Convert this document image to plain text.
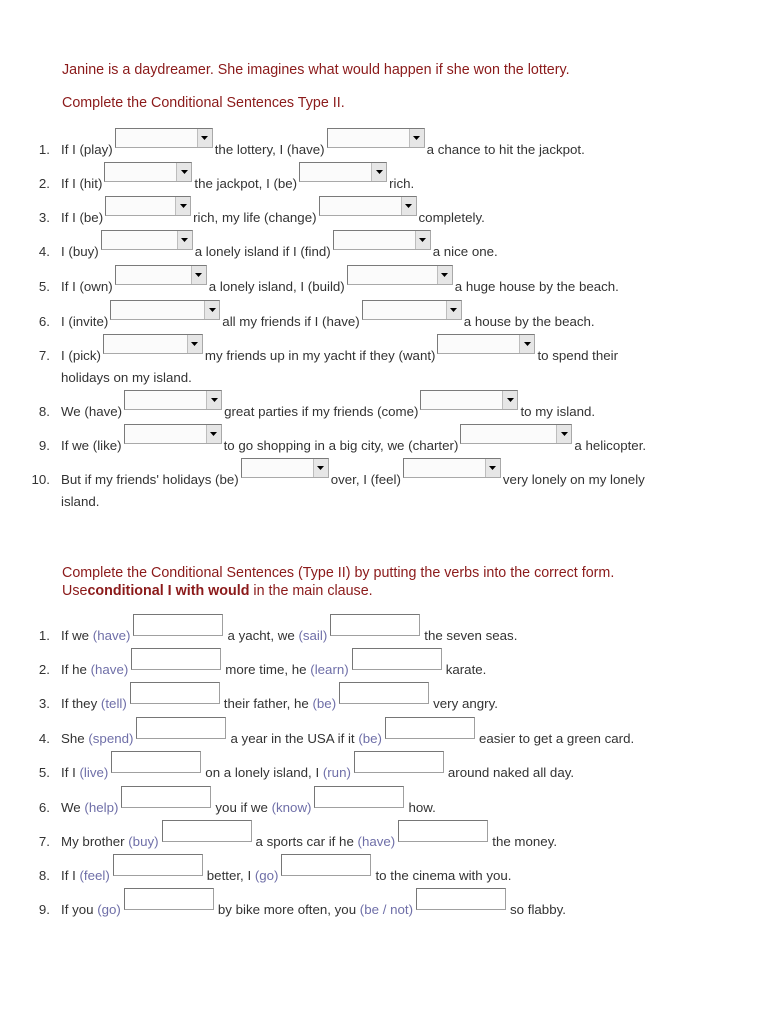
Janine is a daydreamer. She imagines what would happen if she won the lottery.
Complete the Conditional Sentences Type II.
1. If I (play)	the lottery, I (have)	a chance to hit the jackpot.
2. If I (hit)	the jackpot, I (be)	rich.
3. If I (be)	rich, my life (change)	completely.
4. I (buy)	a lonely island if I (find)	a nice one.
5. If I (own)	a lonely island, I (build)	a huge house by the beach.
6. I (invite)	all my friends if I (have)	a house by the beach.
7. I (pick)	my friends up in my yacht if they (want)	to spend their
holidays on my island.
8. We (have)	great parties if my friends (come)	to my island.
9. If we (like)	to go shopping in a big city, we (charter)	a helicopter.
10. But if my friends' holidays (be)	over, I (feel)	very lonely on my lonely
island.
Complete the Conditional Sentences (Type II) by putting the verbs into the correct form.
Useconditional I with would in the main clause.
1. If we (have)	a yacht, we (sail)	the seven seas.
2. If he (have)	more time, he (learn)	karate.
3. If they (tell)	their father, he (be)	very angry.
4. She (spend)	a year in the USA if it (be)	easier to get a green card.
5. If I (live)	on a lonely island, I (run)	around naked all day.
6. We (help)	you if we (know)	how.
7. My brother (buy)	a sports car if he (have)	the money.
8. If I (feel)	better, I (go)	to the cinema with you.
9. If you (go)	by bike more often, you (be / not)	so flabby.
